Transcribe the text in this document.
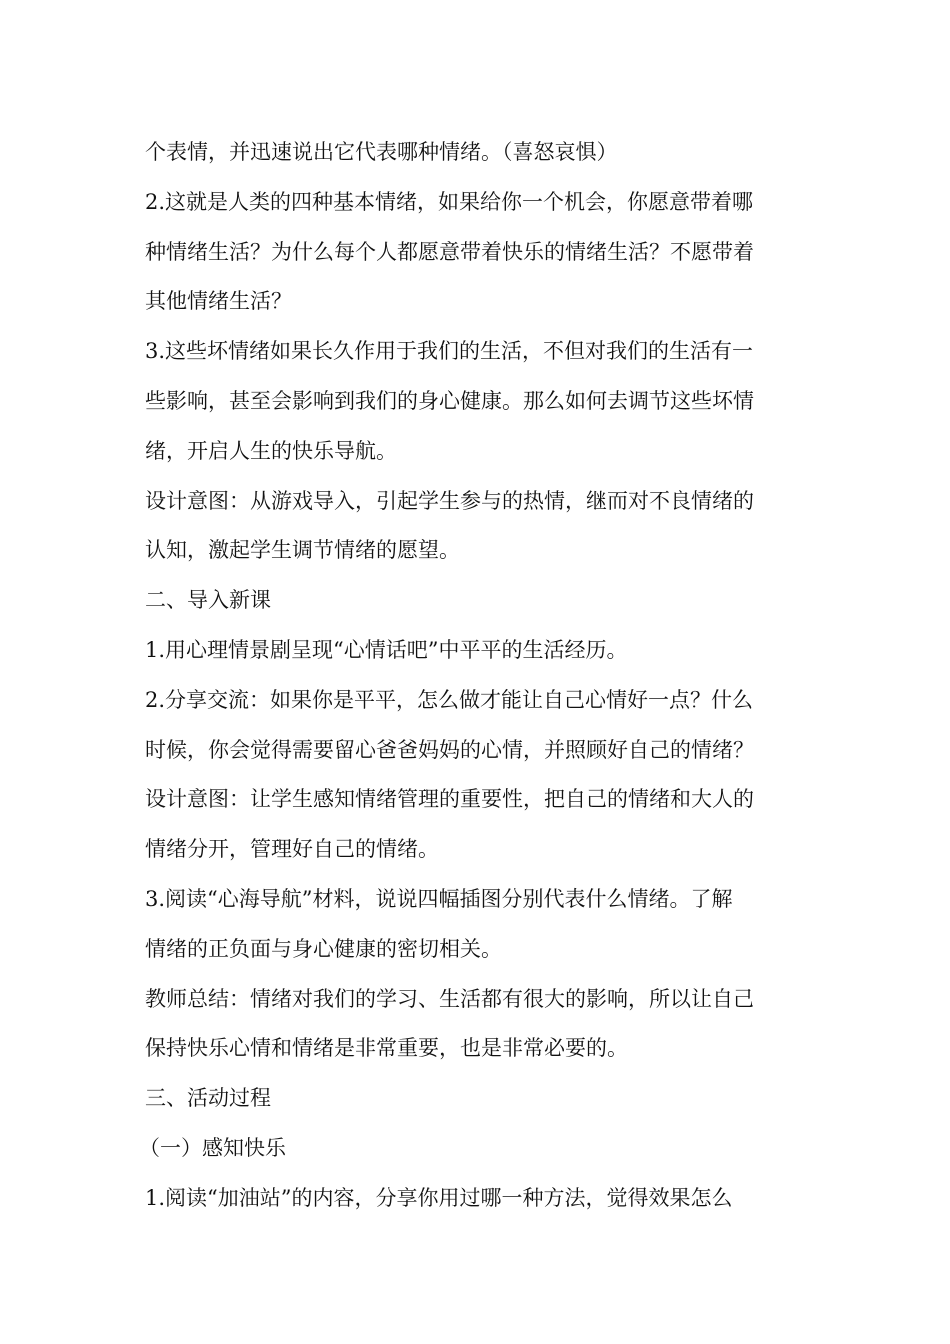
个表情，并迅速说出它代表哪种情绪。（喜怒哀惧）
2.这就是人类的四种基本情绪，如果给你一个机会，你愿意带着哪
种情绪生活？为什么每个人都愿意带着快乐的情绪生活？不愿带着
其他情绪生活？
3.这些坏情绪如果长久作用于我们的生活，不但对我们的生活有一
些影响，甚至会影响到我们的身心健康。那么如何去调节这些坏情
绪，开启人生的快乐导航。
设计意图：从游戏导入，引起学生参与的热情，继而对不良情绪的
认知，激起学生调节情绪的愿望。
二、导入新课
1.用心理情景剧呈现“心情话吧”中平平的生活经历。
2.分享交流：如果你是平平，怎么做才能让自己心情好一点？什么
时候，你会觉得需要留心爸爸妈妈的心情，并照顾好自己的情绪？
设计意图：让学生感知情绪管理的重要性，把自己的情绪和大人的
情绪分开，管理好自己的情绪。
3.阅读“心海导航”材料，说说四幅插图分别代表什么情绪。了解
情绪的正负面与身心健康的密切相关。
教师总结：情绪对我们的学习、生活都有很大的影响，所以让自己
保持快乐心情和情绪是非常重要，也是非常必要的。
三、活动过程
（一）感知快乐
1.阅读“加油站”的内容，分享你用过哪一种方法，觉得效果怎么
